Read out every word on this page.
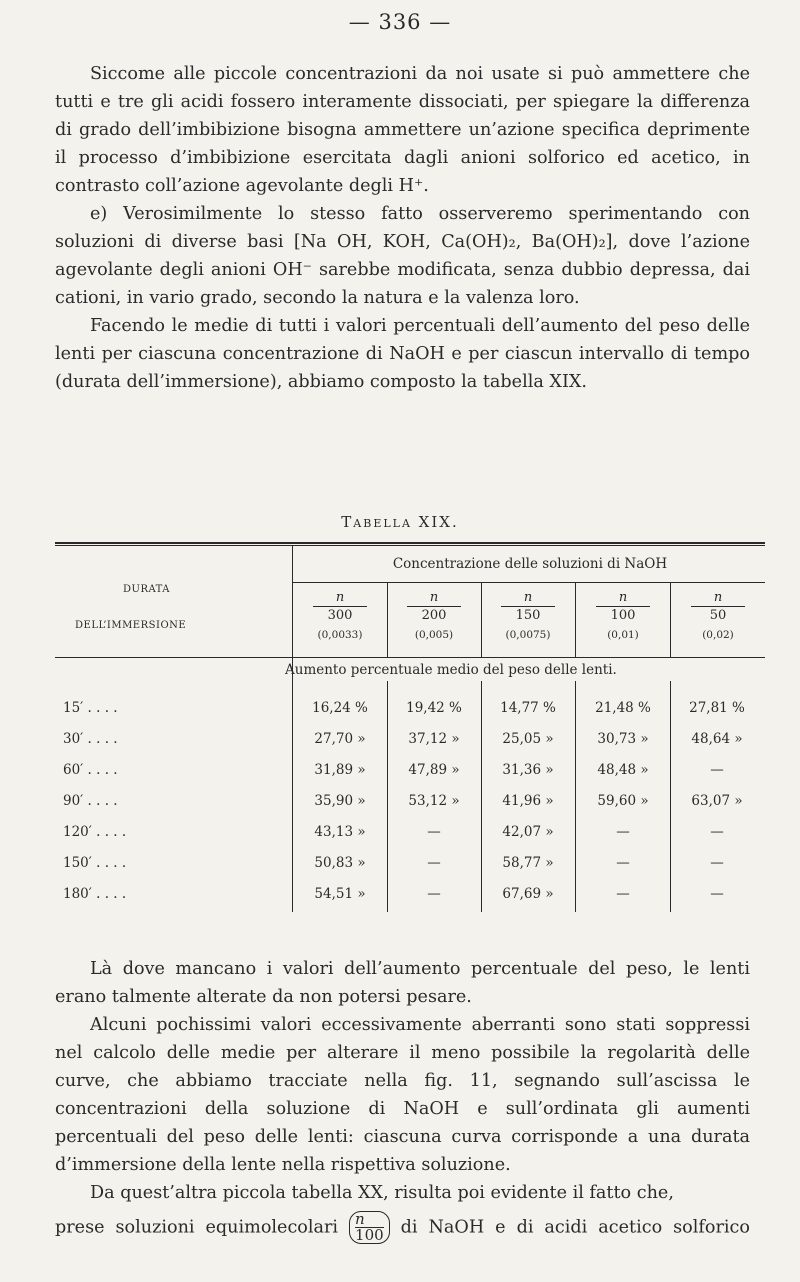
— 336 —

Siccome alle piccole concentrazioni da noi usate si può ammettere che tutti e tre gli acidi fossero interamente dissociati, per spiegare la differenza di grado dell’imbibizione bisogna ammettere un’azione specifica deprimente il processo d’imbibizione esercitata dagli anioni solforico ed acetico, in contrasto coll’azione agevolante degli H⁺.

e) Verosimilmente lo stesso fatto osserveremo sperimentando con soluzioni di diverse basi [Na OH, KOH, Ca(OH)₂, Ba(OH)₂], dove l’azione agevolante degli anioni OH⁻ sarebbe modificata, senza dubbio depressa, dai cationi, in vario grado, secondo la natura e la valenza loro.

Facendo le medie di tutti i valori percentuali dell’aumento del peso delle lenti per ciascuna concentrazione di NaOH e per ciascun intervallo di tempo (durata dell’immersione), abbiamo composto la tabella XIX.

Tabella XIX.
DURATA
DELL’IMMERSIONE
Concentrazione delle soluzioni di NaOH
n
300
(0,0033)
n
200
(0,005)
n
150
(0,0075)
n
100
(0,01)
n
50
(0,02)
Aumento percentuale medio del peso delle lenti.
15′ . . . .	16,24 %	19,42 %	14,77 %	21,48 %	27,81 %
30′ . . . .	27,70 »	37,12 »	25,05 »	30,73 »	48,64 »
60′ . . . .	31,89 »	47,89 »	31,36 »	48,48 »	—
90′ . . . .	35,90 »	53,12 »	41,96 »	59,60 »	63,07 »
120′ . . . .	43,13 »	—	42,07 »	—	—
150′ . . . .	50,83 »	—	58,77 »	—	—
180′ . . . .	54,51 »	—	67,69 »	—	—

Là dove mancano i valori dell’aumento percentuale del peso, le lenti erano talmente alterate da non potersi pesare.

Alcuni pochissimi valori eccessivamente aberranti sono stati soppressi nel calcolo delle medie per alterare il meno possibile la regolarità delle curve, che abbiamo tracciate nella fig. 11, segnando sull’ascissa le concentrazioni della soluzione di NaOH e sull’ordinata gli aumenti percentuali del peso delle lenti: ciascuna curva corrisponde a una durata d’immersione della lente nella rispettiva soluzione.

Da quest’altra piccola tabella XX, risulta poi evidente il fatto che,

prese soluzioni equimolecolari $\frac{n}{100}$ di NaOH e di acidi acetico solforico
